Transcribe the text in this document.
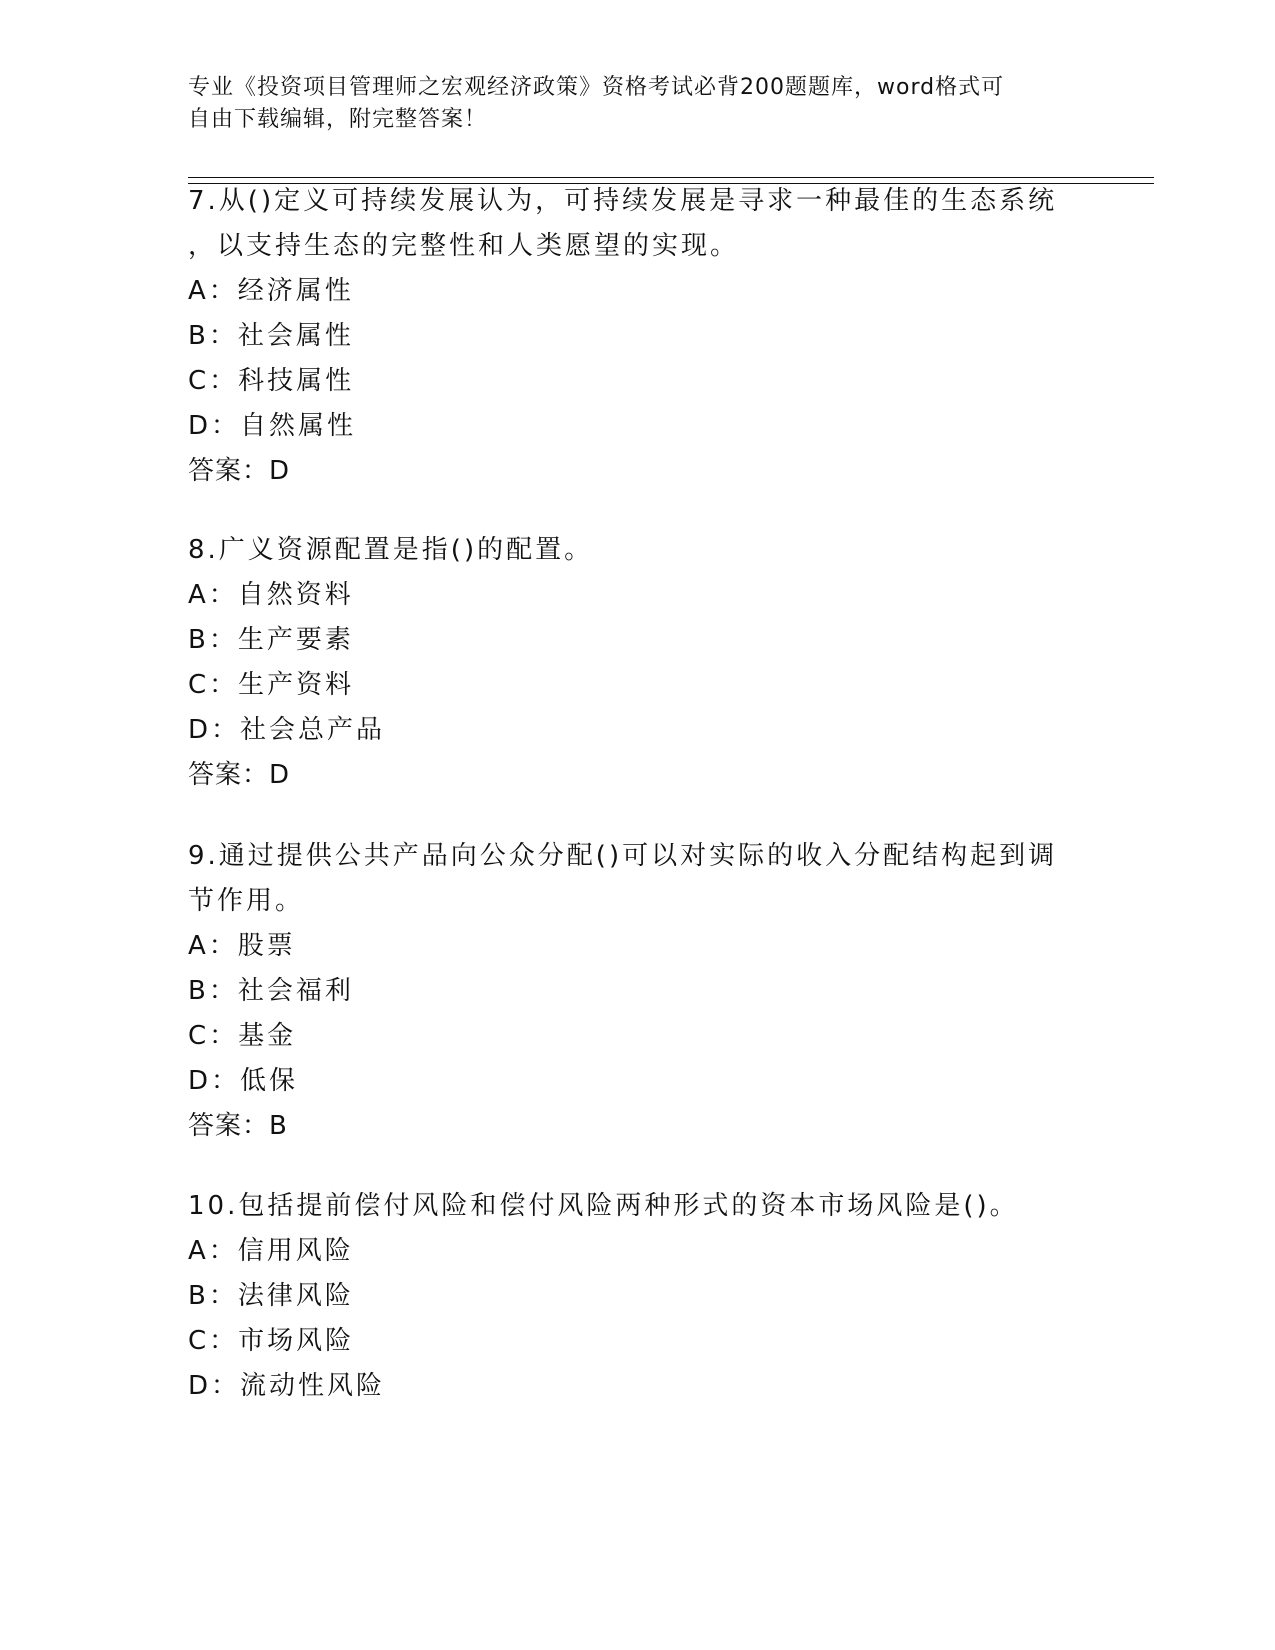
专业《投资项目管理师之宏观经济政策》资格考试必背200题题库，word格式可
自由下载编辑，附完整答案！
7.从()定义可持续发展认为，可持续发展是寻求一种最佳的生态系统
，以支持生态的完整性和人类愿望的实现。
A：经济属性
B：社会属性
C：科技属性
D：自然属性
答案：D
8.广义资源配置是指()的配置。
A：自然资料
B：生产要素
C：生产资料
D：社会总产品
答案：D
9.通过提供公共产品向公众分配()可以对实际的收入分配结构起到调
节作用。
A：股票
B：社会福利
C：基金
D：低保
答案：B
10.包括提前偿付风险和偿付风险两种形式的资本市场风险是()。
A：信用风险
B：法律风险
C：市场风险
D：流动性风险
